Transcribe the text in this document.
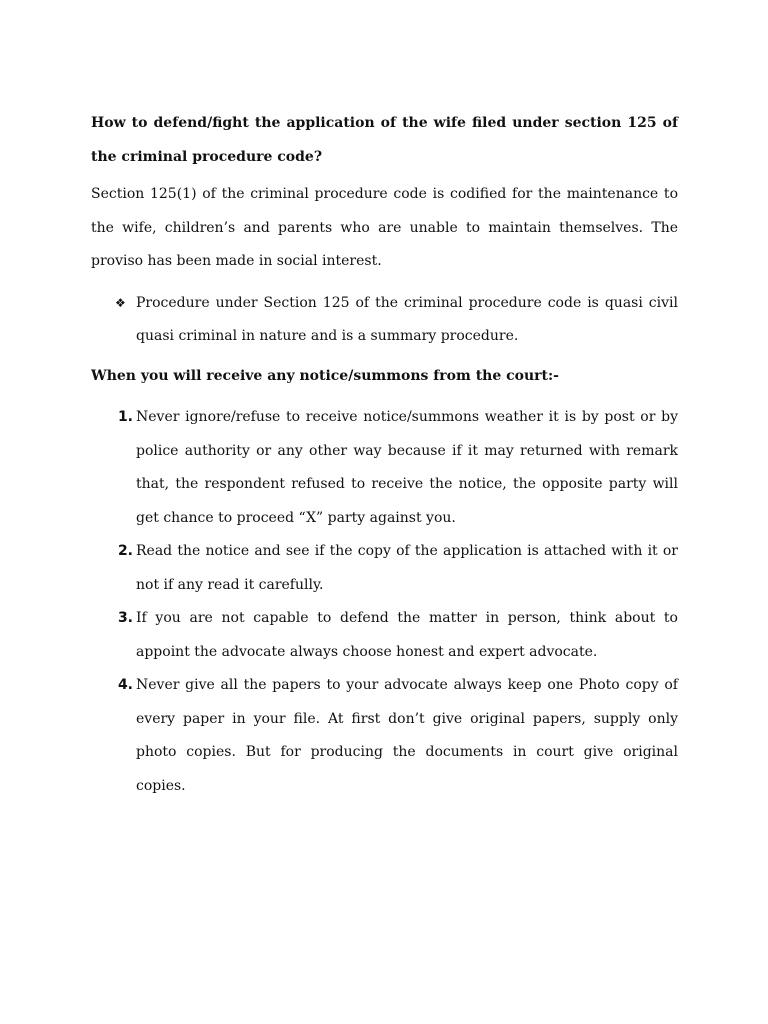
How to defend/fight the application of the wife filed under section 125 of the criminal procedure code?

Section 125(1) of the criminal procedure code is codified for the maintenance to the wife, children’s and parents who are unable to maintain themselves. The proviso has been made in social interest.

❖ Procedure under Section 125 of the criminal procedure code is quasi civil quasi criminal in nature and is a summary procedure.

When you will receive any notice/summons from the court:-

1. Never ignore/refuse to receive notice/summons weather it is by post or by police authority or any other way because if it may returned with remark that, the respondent refused to receive the notice, the opposite party will get chance to proceed “X” party against you.
2. Read the notice and see if the copy of the application is attached with it or not if any read it carefully.
3. If you are not capable to defend the matter in person, think about to appoint the advocate always choose honest and expert advocate.
4. Never give all the papers to your advocate always keep one Photo copy of every paper in your file. At first don’t give original papers, supply only photo copies. But for producing the documents in court give original copies.
